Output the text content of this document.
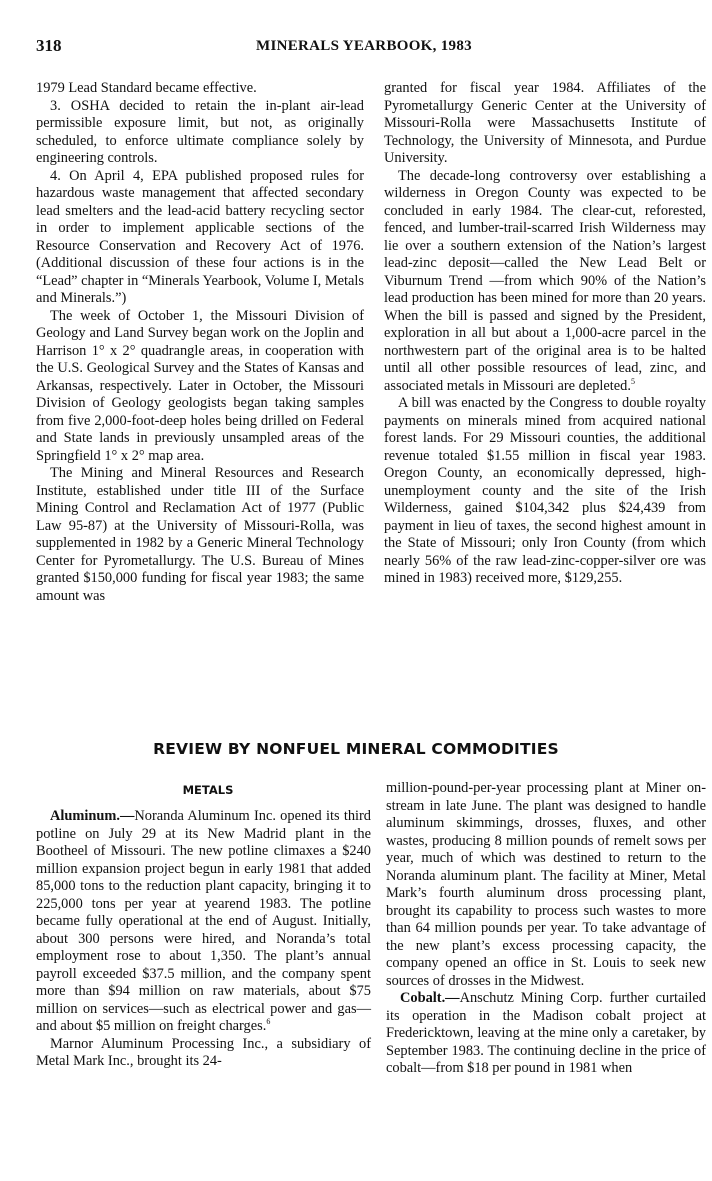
318	MINERALS YEARBOOK, 1983

1979 Lead Standard became effective.

3. OSHA decided to retain the in-plant air-lead permissible exposure limit, but not, as originally scheduled, to enforce ultimate compliance solely by engineering controls.

4. On April 4, EPA published proposed rules for hazardous waste management that affected secondary lead smelters and the lead-acid battery recycling sector in order to implement applicable sections of the Resource Conservation and Recovery Act of 1976. (Additional discussion of these four actions is in the “Lead” chapter in “Minerals Yearbook, Volume I, Metals and Minerals.”)

The week of October 1, the Missouri Division of Geology and Land Survey began work on the Joplin and Harrison 1° x 2° quadrangle areas, in cooperation with the U.S. Geological Survey and the States of Kansas and Arkansas, respectively. Later in October, the Missouri Division of Geology geologists began taking samples from five 2,000-foot-deep holes being drilled on Federal and State lands in previously unsampled areas of the Springfield 1° x 2° map area.

The Mining and Mineral Resources and Research Institute, established under title III of the Surface Mining Control and Reclamation Act of 1977 (Public Law 95-87) at the University of Missouri-Rolla, was supplemented in 1982 by a Generic Mineral Technology Center for Pyrometallurgy. The U.S. Bureau of Mines granted $150,000 funding for fiscal year 1983; the same amount was

granted for fiscal year 1984. Affiliates of the Pyrometallurgy Generic Center at the University of Missouri-Rolla were Massachusetts Institute of Technology, the University of Minnesota, and Purdue University.

The decade-long controversy over establishing a wilderness in Oregon County was expected to be concluded in early 1984. The clear-cut, reforested, fenced, and lumber-trail-scarred Irish Wilderness may lie over a southern extension of the Nation’s largest lead-zinc deposit—called the New Lead Belt or Viburnum Trend —from which 90% of the Nation’s lead production has been mined for more than 20 years. When the bill is passed and signed by the President, exploration in all but about a 1,000-acre parcel in the northwestern part of the original area is to be halted until all other possible resources of lead, zinc, and associated metals in Missouri are depleted.$^5$

A bill was enacted by the Congress to double royalty payments on minerals mined from acquired national forest lands. For 29 Missouri counties, the additional revenue totaled $1.55 million in fiscal year 1983. Oregon County, an economically depressed, high-unemployment county and the site of the Irish Wilderness, gained $104,342 plus $24,439 from payment in lieu of taxes, the second highest amount in the State of Missouri; only Iron County (from which nearly 56% of the raw lead-zinc-copper-silver ore was mined in 1983) received more, $129,255.

REVIEW BY NONFUEL MINERAL COMMODITIES
METALS

Aluminum.—Noranda Aluminum Inc. opened its third potline on July 29 at its New Madrid plant in the Bootheel of Missouri. The new potline climaxes a $240 million expansion project begun in early 1981 that added 85,000 tons to the reduction plant capacity, bringing it to 225,000 tons per year at yearend 1983. The potline became fully operational at the end of August. Initially, about 300 persons were hired, and Noranda’s total employment rose to about 1,350. The plant’s annual payroll exceeded $37.5 million, and the company spent more than $94 million on raw materials, about $75 million on services—such as electrical power and gas—and about $5 million on freight charges.$^6$

Marnor Aluminum Processing Inc., a subsidiary of Metal Mark Inc., brought its 24-

million-pound-per-year processing plant at Miner on-stream in late June. The plant was designed to handle aluminum skimmings, drosses, fluxes, and other wastes, producing 8 million pounds of remelt sows per year, much of which was destined to return to the Noranda aluminum plant. The facility at Miner, Metal Mark’s fourth aluminum dross processing plant, brought its capability to process such wastes to more than 64 million pounds per year. To take advantage of the new plant’s excess processing capacity, the company opened an office in St. Louis to seek new sources of drosses in the Midwest.

Cobalt.—Anschutz Mining Corp. further curtailed its operation in the Madison cobalt project at Fredericktown, leaving at the mine only a caretaker, by September 1983. The continuing decline in the price of cobalt—from $18 per pound in 1981 when
